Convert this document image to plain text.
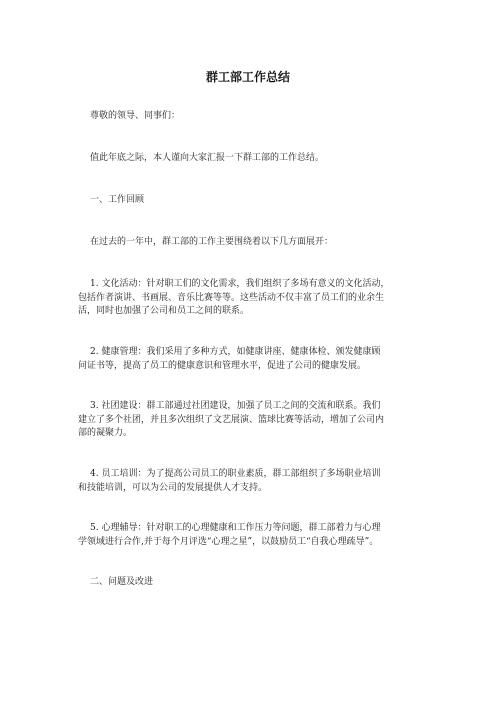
群工部工作总结
尊敬的领导、同事们：
值此年底之际，本人谨向大家汇报一下群工部的工作总结。
一、工作回顾
在过去的一年中，群工部的工作主要围绕着以下几方面展开：
1. 文化活动：针对职工们的文化需求，我们组织了多场有意义的文化活动，
包括作者演讲、书画展、音乐比赛等等。这些活动不仅丰富了员工们的业余生
活，同时也加强了公司和员工之间的联系。
2. 健康管理：我们采用了多种方式，如健康讲座、健康体检、颁发健康顾
问证书等，提高了员工的健康意识和管理水平，促进了公司的健康发展。
3. 社团建设：群工部通过社团建设，加强了员工之间的交流和联系。我们
建立了多个社团，并且多次组织了文艺展演、篮球比赛等活动，增加了公司内
部的凝聚力。
4. 员工培训：为了提高公司员工的职业素质，群工部组织了多场职业培训
和技能培训，可以为公司的发展提供人才支持。
5. 心理辅导：针对职工的心理健康和工作压力等问题，群工部着力与心理
学领域进行合作,并于每个月评选“心理之星”，以鼓励员工“自我心理疏导”。
二、问题及改进
